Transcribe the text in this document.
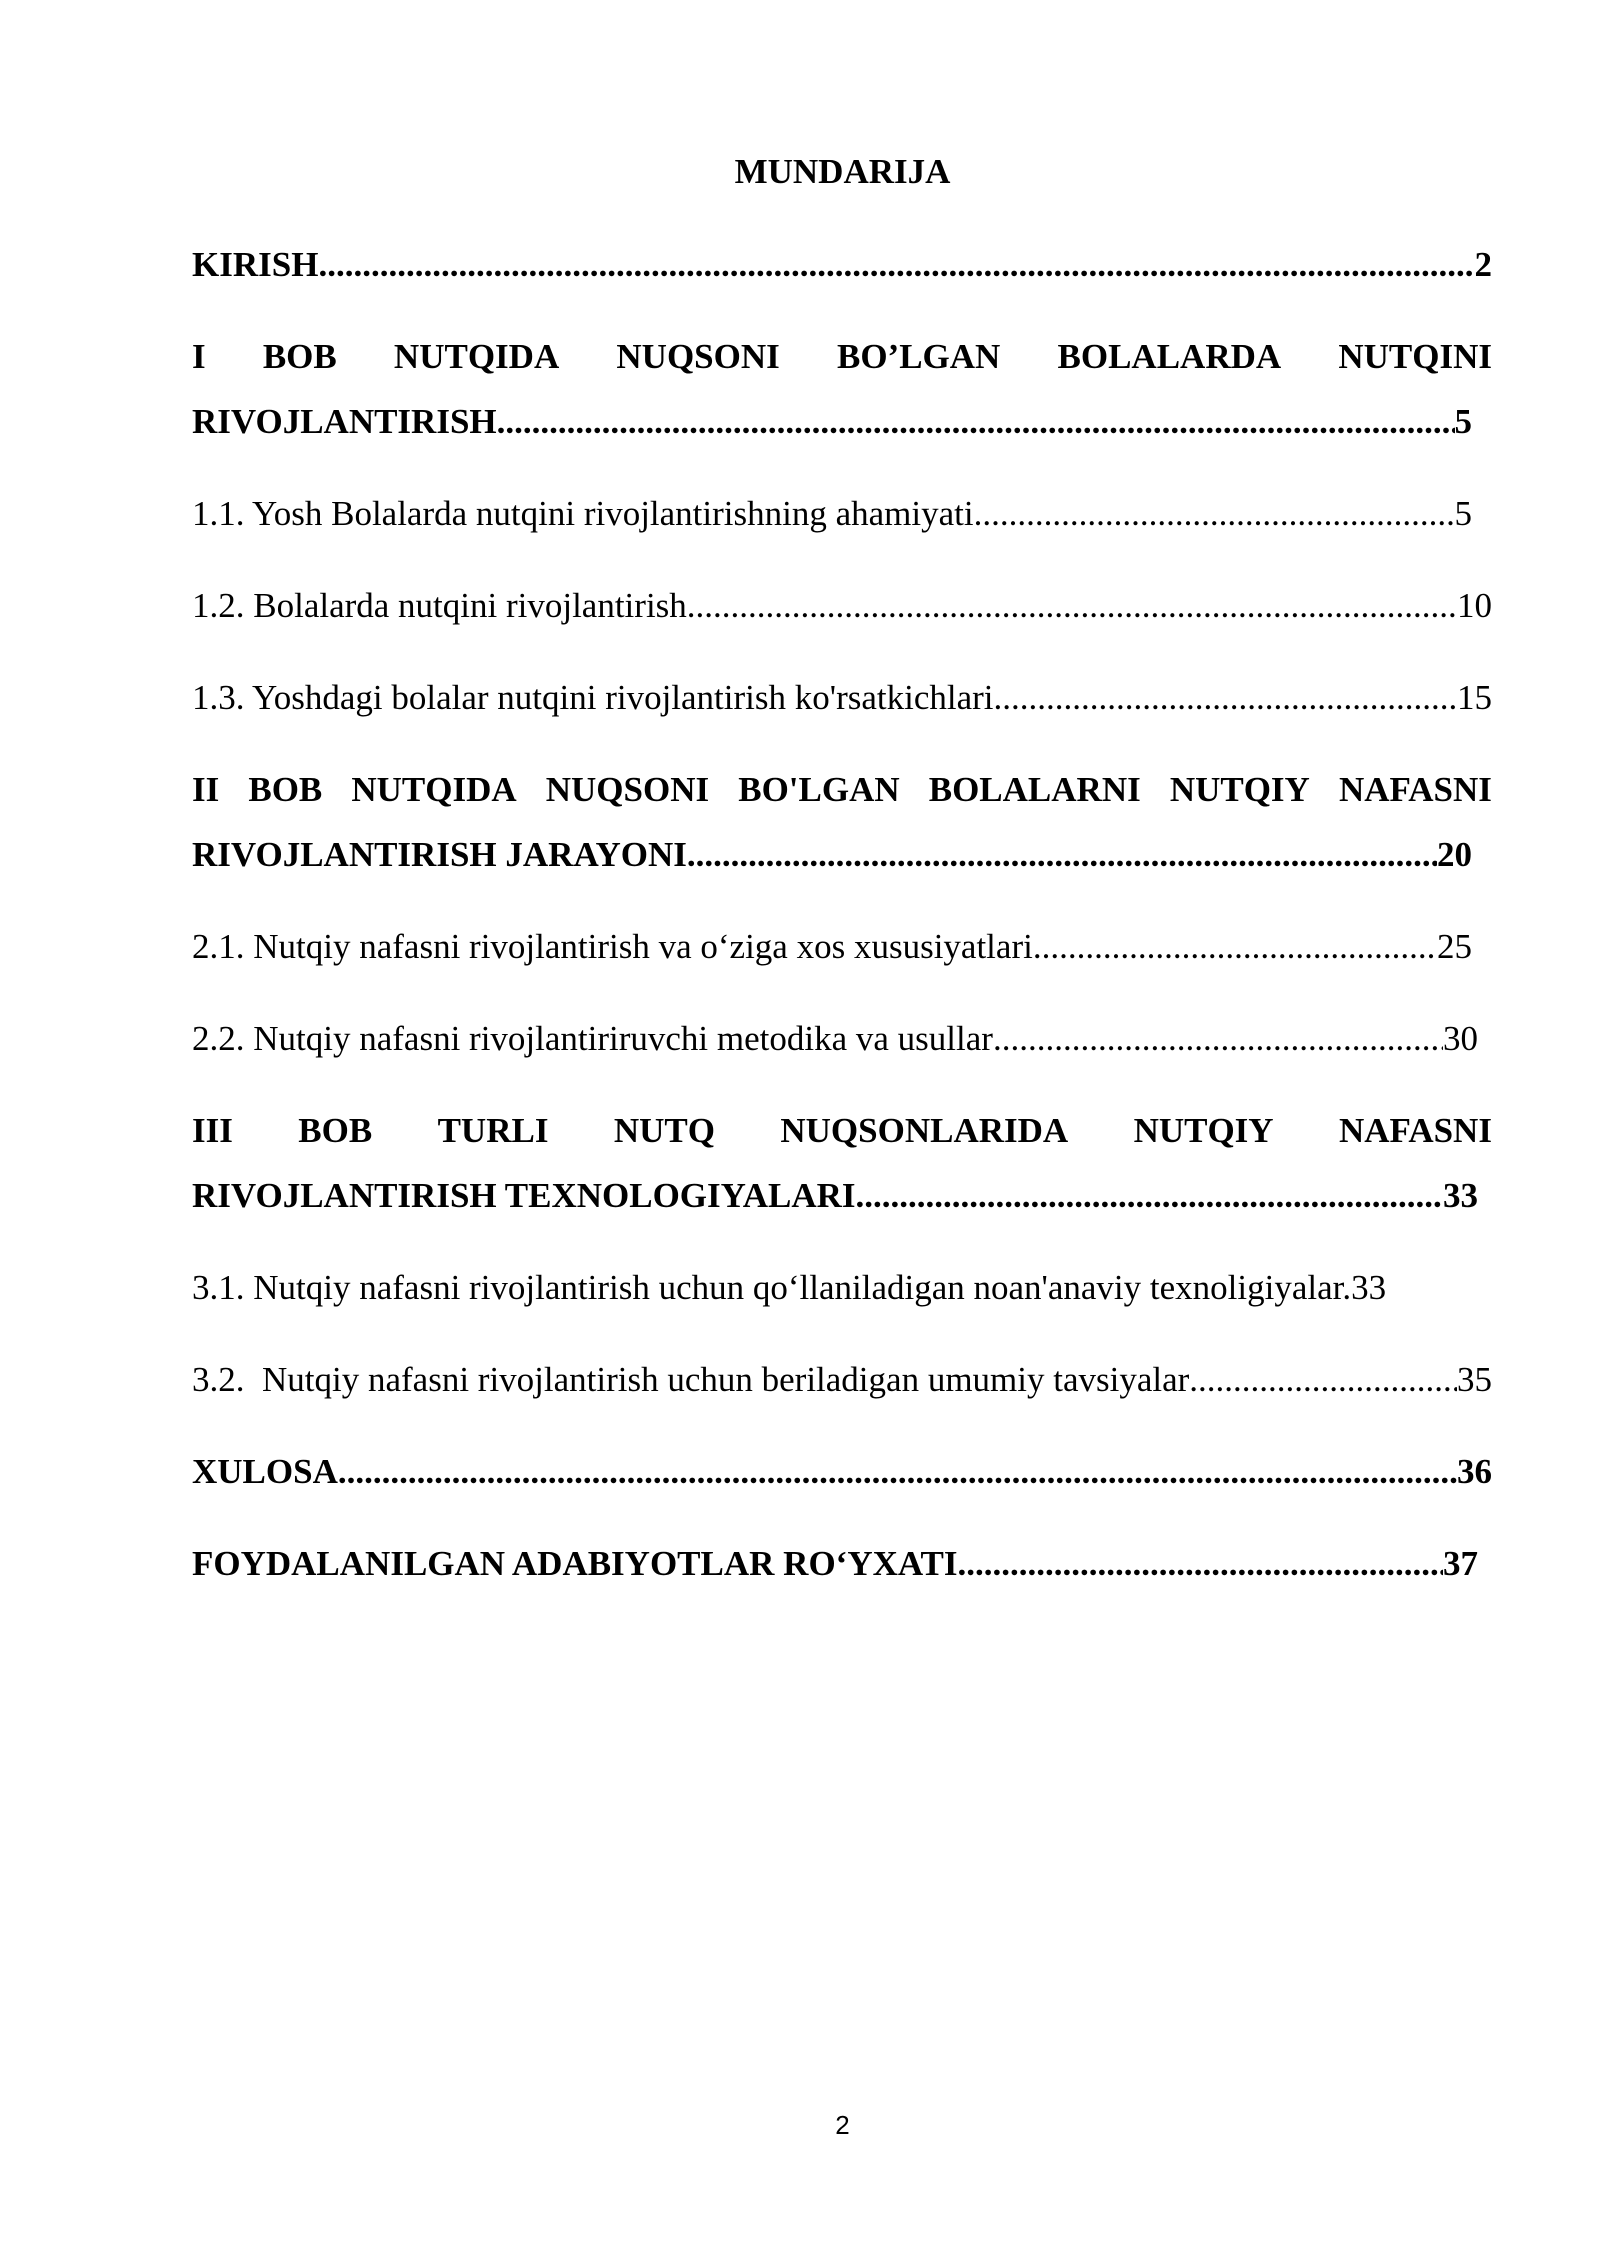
MUNDARIJA
KIRISH .....	2
I BOB NUTQIDA NUQSONI BO’LGAN BOLALARDA NUTQINI
RIVOJLANTIRISH .....	5
1.1. Yosh Bolalarda nutqini rivojlantirishning ahamiyati .....	5
1.2. Bolalarda nutqini rivojlantirish .....	10
1.3. Yoshdagi bolalar nutqini rivojlantirish ko'rsatkichlari .....	15
II BOB NUTQIDA NUQSONI BO'LGAN BOLALARNI NUTQIY NAFASNI
RIVOJLANTIRISH JARAYONI .....	20
2.1. Nutqiy nafasni rivojlantirish va o‘ziga xos xususiyatlari .....	25
2.2. Nutqiy nafasni rivojlantiriruvchi metodika va usullar .....	30
III BOB TURLI NUTQ NUQSONLARIDA NUTQIY NAFASNI
RIVOJLANTIRISH TEXNOLOGIYALARI .....	33
3.1. Nutqiy nafasni rivojlantirish uchun qo‘llaniladigan noan'anaviy texnoligiyalar. 33
3.2.  Nutqiy nafasni rivojlantirish uchun beriladigan umumiy tavsiyalar .....	35
XULOSA .....	36
FOYDALANILGAN ADABIYOTLAR RO‘YXATI .....	37
2
